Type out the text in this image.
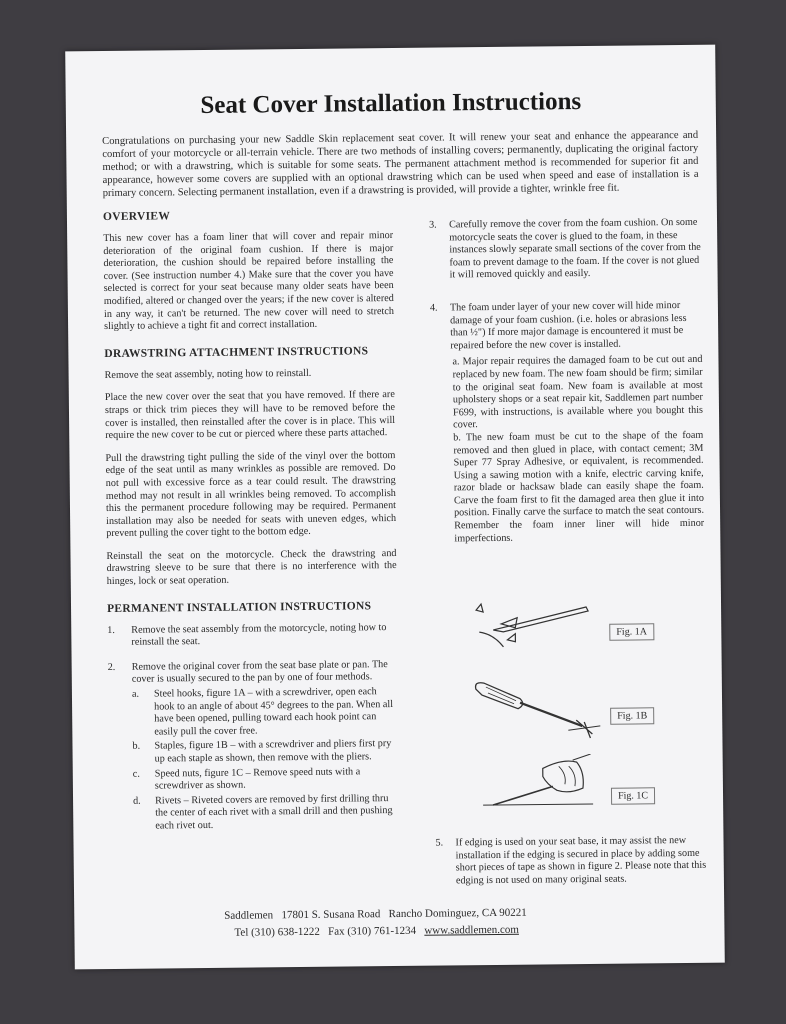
Seat Cover Installation Instructions

Congratulations on purchasing your new Saddle Skin replacement seat cover. It will renew your seat and enhance the appearance and comfort of your motorcycle or all-terrain vehicle. There are two methods of installing covers; permanently, duplicating the original factory method; or with a drawstring, which is suitable for some seats. The permanent attachment method is recommended for superior fit and appearance, however some covers are supplied with an optional drawstring which can be used when speed and ease of installation is a primary concern. Selecting permanent installation, even if a drawstring is provided, will provide a tighter, wrinkle free fit.

OVERVIEW

This new cover has a foam liner that will cover and repair minor deterioration of the original foam cushion. If there is major deterioration, the cushion should be repaired before installing the cover. (See instruction number 4.) Make sure that the cover you have selected is correct for your seat because many older seats have been modified, altered or changed over the years; if the new cover is altered in any way, it can't be returned. The new cover will need to stretch slightly to achieve a tight fit and correct installation.

DRAWSTRING ATTACHMENT INSTRUCTIONS

Remove the seat assembly, noting how to reinstall.

Place the new cover over the seat that you have removed. If there are straps or thick trim pieces they will have to be removed before the cover is installed, then reinstalled after the cover is in place. This will require the new cover to be cut or pierced where these parts attached.

Pull the drawstring tight pulling the side of the vinyl over the bottom edge of the seat until as many wrinkles as possible are removed. Do not pull with excessive force as a tear could result. The drawstring method may not result in all wrinkles being removed. To accomplish this the permanent procedure following may be required. Permanent installation may also be needed for seats with uneven edges, which prevent pulling the cover tight to the bottom edge.

Reinstall the seat on the motorcycle. Check the drawstring and drawstring sleeve to be sure that there is no interference with the hinges, lock or seat operation.

PERMANENT INSTALLATION INSTRUCTIONS
1.	Remove the seat assembly from the motorcycle, noting how to reinstall the seat.
2.	Remove the original cover from the seat base plate or pan. The cover is usually secured to the pan by one of four methods.
a.	Steel hooks, figure 1A – with a screwdriver, open each hook to an angle of about 45° degrees to the pan. When all have been opened, pulling toward each hook point can easily pull the cover free.
b.	Staples, figure 1B – with a screwdriver and pliers first pry up each staple as shown, then remove with the pliers.
c.	Speed nuts, figure 1C – Remove speed nuts with a screwdriver as shown.
d.	Rivets – Riveted covers are removed by first drilling thru the center of each rivet with a small drill and then pushing each rivet out.
3.	Carefully remove the cover from the foam cushion. On some motorcycle seats the cover is glued to the foam, in these instances slowly separate small sections of the cover from the foam to prevent damage to the foam. If the cover is not glued it will removed quickly and easily.
4.	The foam under layer of your new cover will hide minor damage of your foam cushion. (i.e. holes or abrasions less than ½") If more major damage is encountered it must be repaired before the new cover is installed.
a. Major repair requires the damaged foam to be cut out and replaced by new foam. The new foam should be firm; similar to the original seat foam. New foam is available at most upholstery shops or a seat repair kit, Saddlemen part number F699, with instructions, is available where you bought this cover.
b. The new foam must be cut to the shape of the foam removed and then glued in place, with contact cement; 3M Super 77 Spray Adhesive, or equivalent, is recommended. Using a sawing motion with a knife, electric carving knife, razor blade or hacksaw blade can easily shape the foam. Carve the foam first to fit the damaged area then glue it into position. Finally carve the surface to match the seat contours. Remember the foam inner liner will hide minor imperfections.
Fig. 1A
Fig. 1B
Fig. 1C
5.	If edging is used on your seat base, it may assist the new installation if the edging is secured in place by adding some short pieces of tape as shown in figure 2. Please note that this edging is not used on many original seats.
Saddlemen 17801 S. Susana Road   Rancho Dominguez, CA 90221
Tel (310) 638-1222 Fax (310) 761-1234 www.saddlemen.com
